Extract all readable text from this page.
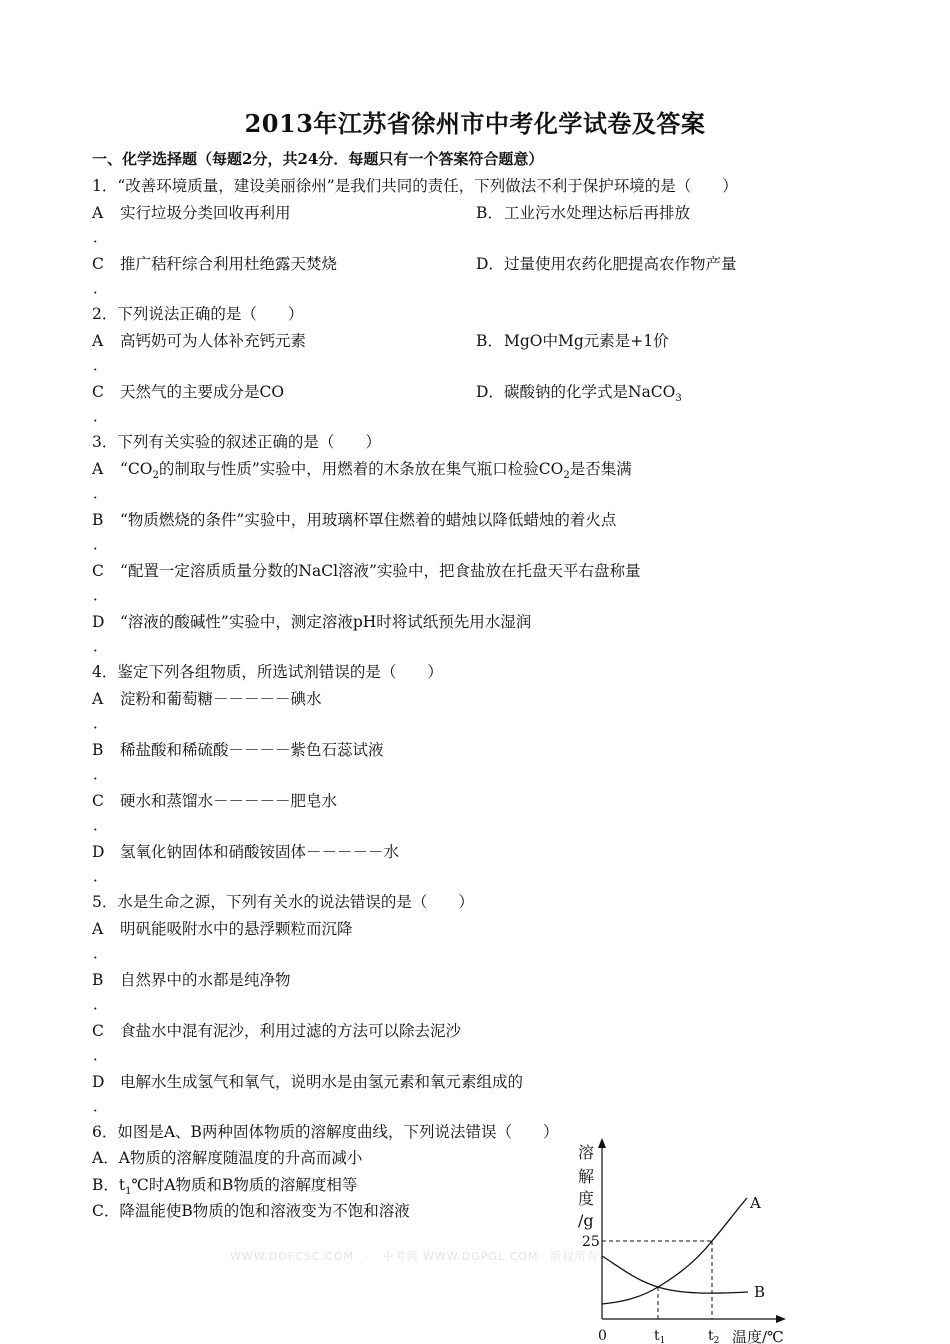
2013年江苏省徐州市中考化学试卷及答案
一、化学选择题（每题2分，共24分．每题只有一个答案符合题意）
1．“改善环境质量，建设美丽徐州”是我们共同的责任，下列做法不利于保护环境的是（　　）
A 实行垃圾分类回收再利用
．
B．工业污水处理达标后再排放
C 推广秸秆综合利用杜绝露天焚烧
．
D．过量使用农药化肥提高农作物产量
2．下列说法正确的是（　　）
A 高钙奶可为人体补充钙元素
．
B．MgO中Mg元素是+1价
C 天然气的主要成分是CO
．
D．碳酸钠的化学式是NaCO$_3$
3．下列有关实验的叙述正确的是（　　）
A “$CO_2$的制取与性质”实验中，用燃着的木条放在集气瓶口检验$CO_2$是否集满
．
B “物质燃烧的条件”实验中，用玻璃杯罩住燃着的蜡烛以降低蜡烛的着火点
．
C “配置一定溶质质量分数的NaCl溶液”实验中，把食盐放在托盘天平右盘称量
．
D “溶液的酸碱性”实验中，测定溶液pH时将试纸预先用水湿润
．
4．鉴定下列各组物质，所选试剂错误的是（　　）
A 淀粉和葡萄糖－－－－－碘水
．
B 稀盐酸和稀硫酸－－－－紫色石蕊试液
．
C 硬水和蒸馏水－－－－－肥皂水
．
D 氢氧化钠固体和硝酸铵固体－－－－－水
．
5．水是生命之源，下列有关水的说法错误的是（　　）
A 明矾能吸附水中的悬浮颗粒而沉降
．
B 自然界中的水都是纯净物
．
C 食盐水中混有泥沙，利用过滤的方法可以除去泥沙
．
D 电解水生成氢气和氧气，说明水是由氢元素和氧元素组成的
．
6．如图是A、B两种固体物质的溶解度曲线，下列说法错误（　　）
A．A物质的溶解度随温度的升高而减小
B．$t_1℃$时A物质和B物质的溶解度相等
C．降温能使B物质的饱和溶液变为不饱和溶液
WWW.DOFCSC.COM　·　中考网 WWW.DGPGL.COM　版权所有
溶
解
度
/g
A
B
25
0	$t_1$	$t_2$ 温度/℃
